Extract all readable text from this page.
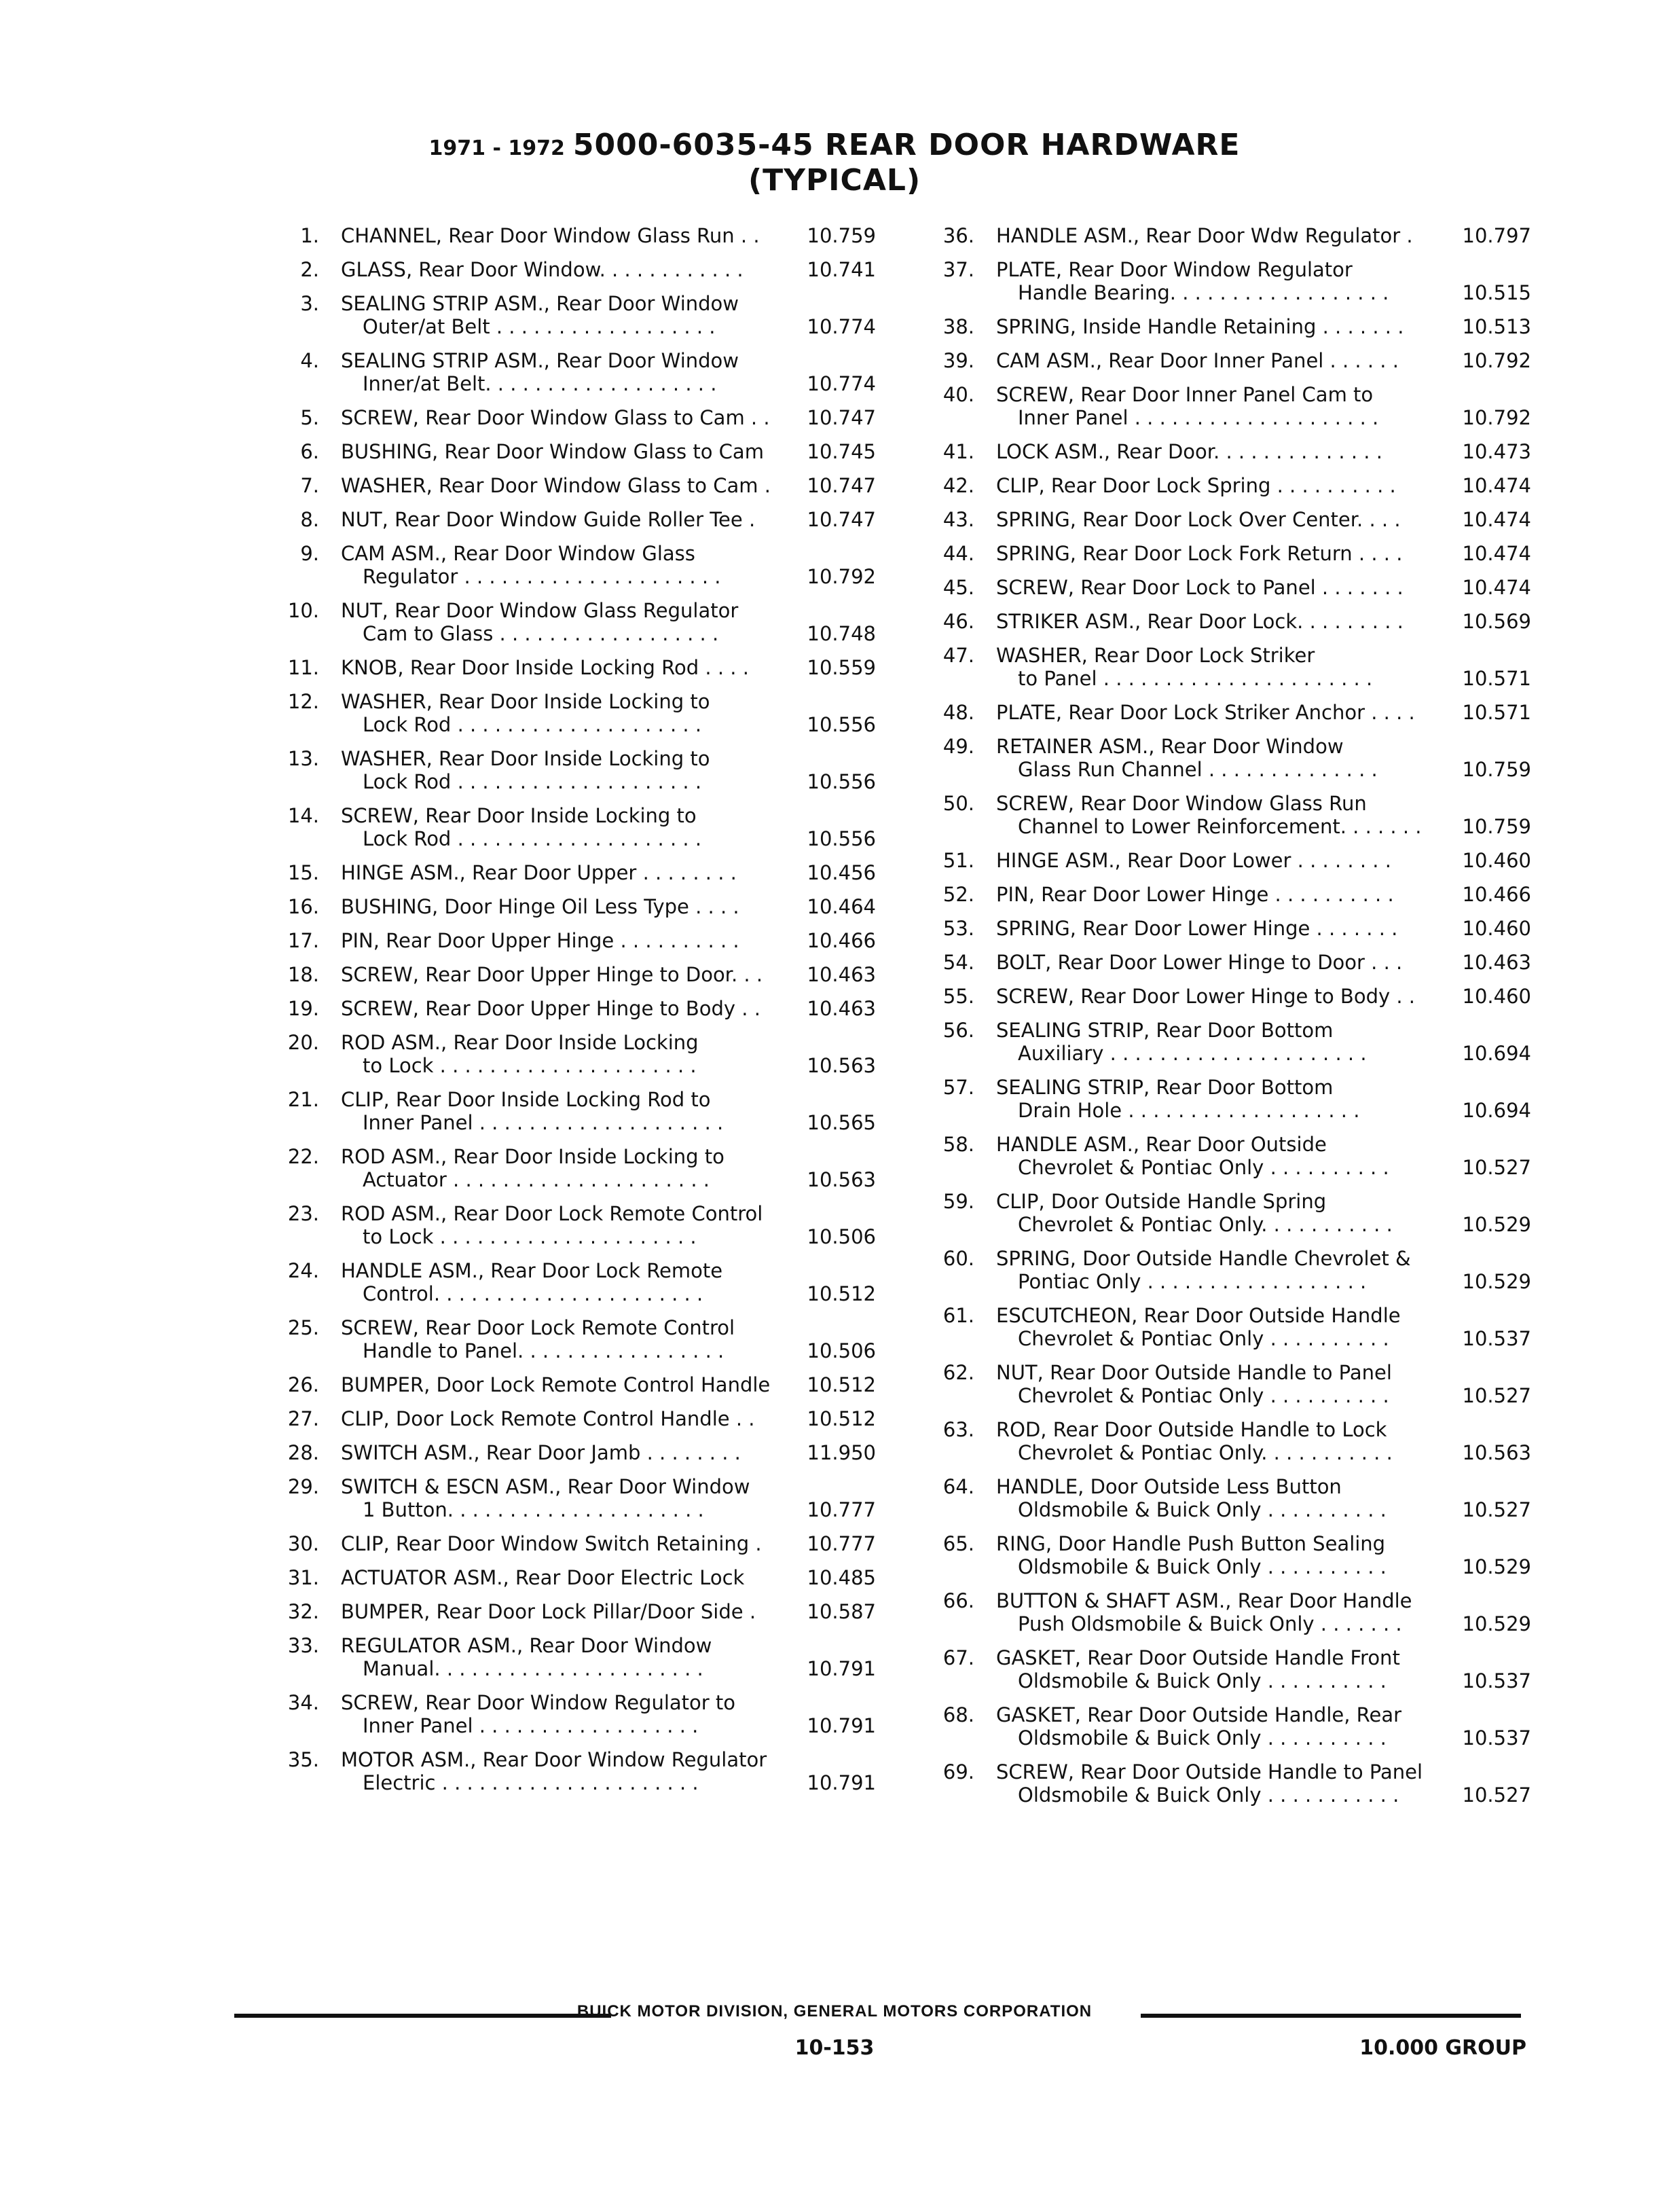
1971 - 1972 5000-6035-45 REAR DOOR HARDWARE
(TYPICAL)
1. CHANNEL, Rear Door Window Glass Run . .	10.759
2. GLASS, Rear Door Window. . . . . . . . . . . .	10.741
3. SEALING STRIP ASM., Rear Door Window
Outer/at Belt . . . . . . . . . . . . . . . . . .	10.774
4. SEALING STRIP ASM., Rear Door Window
Inner/at Belt. . . . . . . . . . . . . . . . . . .	10.774
5. SCREW, Rear Door Window Glass to Cam . .	10.747
6. BUSHING, Rear Door Window Glass to Cam	10.745
7. WASHER, Rear Door Window Glass to Cam .	10.747
8. NUT, Rear Door Window Guide Roller Tee .	10.747
9. CAM ASM., Rear Door Window Glass
Regulator . . . . . . . . . . . . . . . . . . . . .	10.792
10. NUT, Rear Door Window Glass Regulator
Cam to Glass . . . . . . . . . . . . . . . . . .	10.748
11. KNOB, Rear Door Inside Locking Rod . . . .	10.559
12. WASHER, Rear Door Inside Locking to
Lock Rod . . . . . . . . . . . . . . . . . . . .	10.556
13. WASHER, Rear Door Inside Locking to
Lock Rod . . . . . . . . . . . . . . . . . . . .	10.556
14. SCREW, Rear Door Inside Locking to
Lock Rod . . . . . . . . . . . . . . . . . . . .	10.556
15. HINGE ASM., Rear Door Upper . . . . . . . .	10.456
16. BUSHING, Door Hinge Oil Less Type . . . .	10.464
17. PIN, Rear Door Upper Hinge . . . . . . . . . .	10.466
18. SCREW, Rear Door Upper Hinge to Door. . .	10.463
19. SCREW, Rear Door Upper Hinge to Body . .	10.463
20. ROD ASM., Rear Door Inside Locking
to Lock . . . . . . . . . . . . . . . . . . . . .	10.563
21. CLIP, Rear Door Inside Locking Rod to
Inner Panel . . . . . . . . . . . . . . . . . . . .	10.565
22. ROD ASM., Rear Door Inside Locking to
Actuator . . . . . . . . . . . . . . . . . . . . .	10.563
23. ROD ASM., Rear Door Lock Remote Control
to Lock . . . . . . . . . . . . . . . . . . . . .	10.506
24. HANDLE ASM., Rear Door Lock Remote
Control. . . . . . . . . . . . . . . . . . . . . .	10.512
25. SCREW, Rear Door Lock Remote Control
Handle to Panel. . . . . . . . . . . . . . . . .	10.506
26. BUMPER, Door Lock Remote Control Handle	10.512
27. CLIP, Door Lock Remote Control Handle . .	10.512
28. SWITCH ASM., Rear Door Jamb . . . . . . . .	11.950
29. SWITCH & ESCN ASM., Rear Door Window
1 Button. . . . . . . . . . . . . . . . . . . . .	10.777
30. CLIP, Rear Door Window Switch Retaining .	10.777
31. ACTUATOR ASM., Rear Door Electric Lock	10.485
32. BUMPER, Rear Door Lock Pillar/Door Side .	10.587
33. REGULATOR ASM., Rear Door Window
Manual. . . . . . . . . . . . . . . . . . . . . .	10.791
34. SCREW, Rear Door Window Regulator to
Inner Panel . . . . . . . . . . . . . . . . . .	10.791
35. MOTOR ASM., Rear Door Window Regulator
Electric . . . . . . . . . . . . . . . . . . . . .	10.791
36. HANDLE ASM., Rear Door Wdw Regulator .	10.797
37. PLATE, Rear Door Window Regulator
Handle Bearing. . . . . . . . . . . . . . . . . .	10.515
38. SPRING, Inside Handle Retaining . . . . . . .	10.513
39. CAM ASM., Rear Door Inner Panel . . . . . .	10.792
40. SCREW, Rear Door Inner Panel Cam to
Inner Panel . . . . . . . . . . . . . . . . . . . .	10.792
41. LOCK ASM., Rear Door. . . . . . . . . . . . . .	10.473
42. CLIP, Rear Door Lock Spring . . . . . . . . . .	10.474
43. SPRING, Rear Door Lock Over Center. . . .	10.474
44. SPRING, Rear Door Lock Fork Return . . . .	10.474
45. SCREW, Rear Door Lock to Panel . . . . . . .	10.474
46. STRIKER ASM., Rear Door Lock. . . . . . . . .	10.569
47. WASHER, Rear Door Lock Striker
to Panel . . . . . . . . . . . . . . . . . . . . . .	10.571
48. PLATE, Rear Door Lock Striker Anchor . . . .	10.571
49. RETAINER ASM., Rear Door Window
Glass Run Channel . . . . . . . . . . . . . .	10.759
50. SCREW, Rear Door Window Glass Run
Channel to Lower Reinforcement. . . . . . .	10.759
51. HINGE ASM., Rear Door Lower . . . . . . . .	10.460
52. PIN, Rear Door Lower Hinge . . . . . . . . . .	10.466
53. SPRING, Rear Door Lower Hinge . . . . . . .	10.460
54. BOLT, Rear Door Lower Hinge to Door . . .	10.463
55. SCREW, Rear Door Lower Hinge to Body . .	10.460
56. SEALING STRIP, Rear Door Bottom
Auxiliary . . . . . . . . . . . . . . . . . . . . .	10.694
57. SEALING STRIP, Rear Door Bottom
Drain Hole . . . . . . . . . . . . . . . . . . .	10.694
58. HANDLE ASM., Rear Door Outside
Chevrolet & Pontiac Only . . . . . . . . . .	10.527
59. CLIP, Door Outside Handle Spring
Chevrolet & Pontiac Only. . . . . . . . . . .	10.529
60. SPRING, Door Outside Handle Chevrolet &
Pontiac Only . . . . . . . . . . . . . . . . . .	10.529
61. ESCUTCHEON, Rear Door Outside Handle
Chevrolet & Pontiac Only . . . . . . . . . .	10.537
62. NUT, Rear Door Outside Handle to Panel
Chevrolet & Pontiac Only . . . . . . . . . .	10.527
63. ROD, Rear Door Outside Handle to Lock
Chevrolet & Pontiac Only. . . . . . . . . . .	10.563
64. HANDLE, Door Outside Less Button
Oldsmobile & Buick Only . . . . . . . . . .	10.527
65. RING, Door Handle Push Button Sealing
Oldsmobile & Buick Only . . . . . . . . . .	10.529
66. BUTTON & SHAFT ASM., Rear Door Handle
Push Oldsmobile & Buick Only . . . . . . .	10.529
67. GASKET, Rear Door Outside Handle Front
Oldsmobile & Buick Only . . . . . . . . . .	10.537
68. GASKET, Rear Door Outside Handle, Rear
Oldsmobile & Buick Only . . . . . . . . . .	10.537
69. SCREW, Rear Door Outside Handle to Panel
Oldsmobile & Buick Only . . . . . . . . . . .	10.527
BUICK MOTOR DIVISION, GENERAL MOTORS CORPORATION
10-153	10.000 GROUP
